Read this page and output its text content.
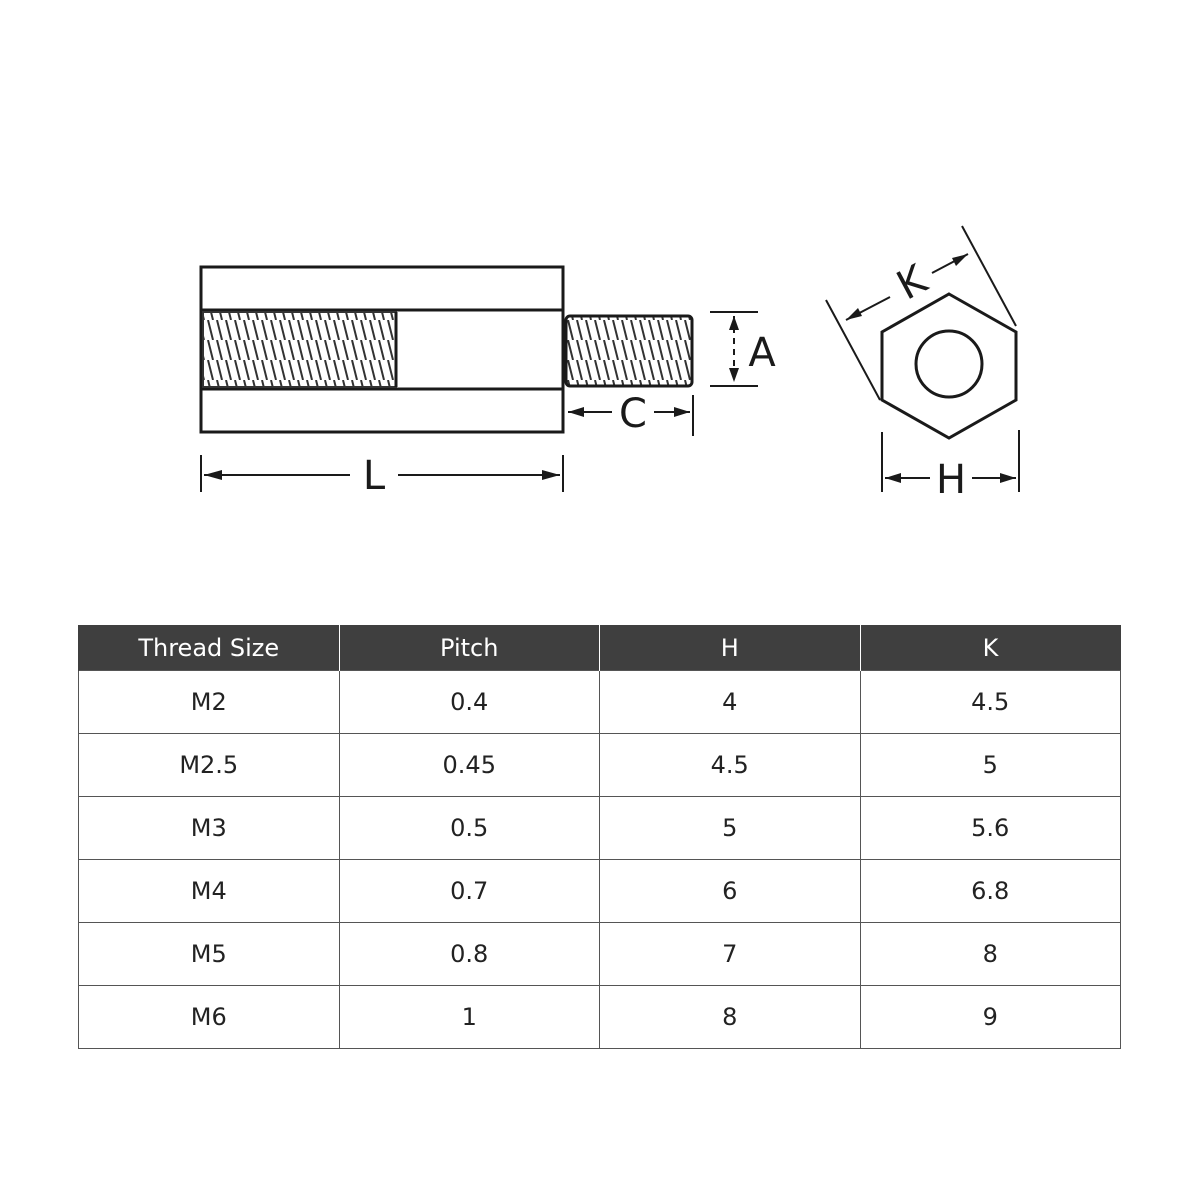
L
C
A
K
H
Thread Size	Pitch	H	K
M2	0.4	4	4.5
M2.5	0.45	4.5	5
M3	0.5	5	5.6
M4	0.7	6	6.8
M5	0.8	7	8
M6	1	8	9
